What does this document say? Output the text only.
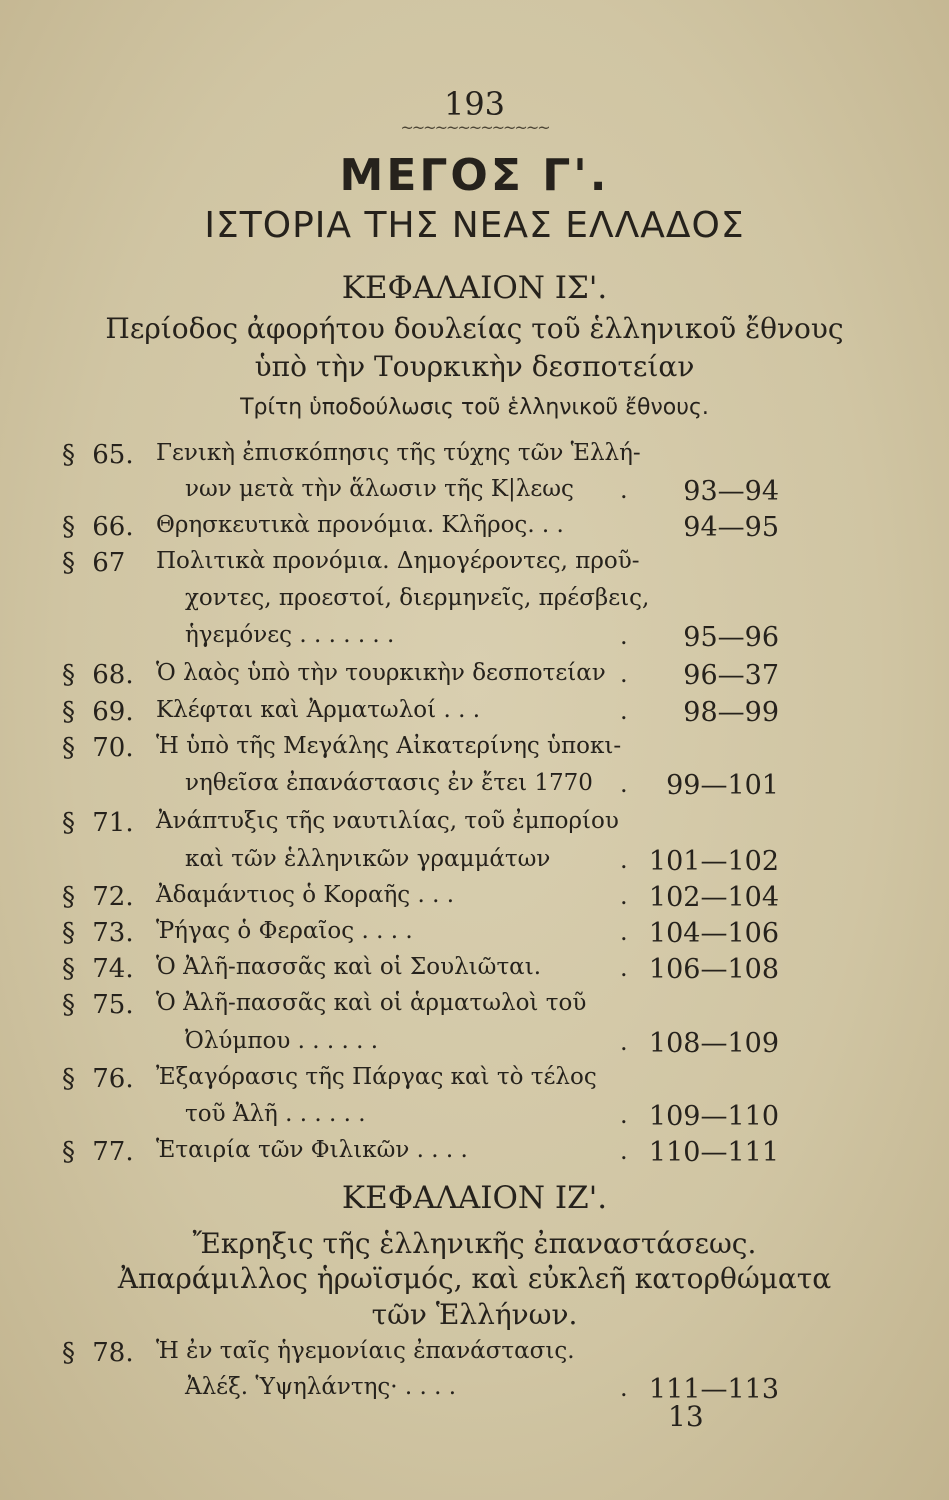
193
~~~~~~~~~~~~~
ΜΕΓΟΣ Γ'.
ΙΣΤΟΡΙΑ ΤΗΣ ΝΕΑΣ ΕΛΛΑΔΟΣ
ΚΕΦΑΛΑΙΟΝ ΙΣ'.
Περίοδος ἀφορήτου δουλείας τοῦ ἑλληνικοῦ ἔθνους
ὑπὸ τὴν Τουρκικὴν δεσποτείαν
Τρίτη ὑποδούλωσις τοῦ ἑλληνικοῦ ἔθνους.
§ 65. Γενικὴ ἐπισκόπησις τῆς τύχης τῶν Ἑλλή-
νων μετὰ τὴν ἅλωσιν τῆς Κ|λεως .	93—94
§ 66. Θρησκευτικὰ προνόμια. Κλῆρος. . .	94—95
§ 67 Πολιτικὰ προνόμια. Δημογέροντες, προῦ-
χοντες, προεστοί, διερμηνεῖς, πρέσβεις,
ἡγεμόνες . . . . . . .	.	95—96
§ 68. Ὁ λαὸς ὑπὸ τὴν τουρκικὴν δεσποτείαν .	96—37
§ 69. Κλέφται καὶ Ἀρματωλοί . . .	.	98—99
§ 70. Ἡ ὑπὸ τῆς Μεγάλης Αἰκατερίνης ὑποκι-
νηθεῖσα ἐπανάστασις ἐν ἔτει 1770 .	99—101
§ 71. Ἀνάπτυξις τῆς ναυτιλίας, τοῦ ἐμπορίου
καὶ τῶν ἑλληνικῶν γραμμάτων	. 101—102
§ 72. Ἀδαμάντιος ὁ Κοραῆς . . .	. 102—104
§ 73. Ῥήγας ὁ Φεραῖος . . . .	. 104—106
§ 74. Ὁ Ἀλῆ-πασσᾶς καὶ οἱ Σουλιῶται.	. 106—108
§ 75. Ὁ Ἀλῆ-πασσᾶς καὶ οἱ ἁρματωλοὶ τοῦ
Ὀλύμπου . . . . . .	. 108—109
§ 76. Ἐξαγόρασις τῆς Πάργας καὶ τὸ τέλος
τοῦ Ἀλῆ . . . . . .	. 109—110
§ 77. Ἑταιρία τῶν Φιλικῶν . . . .	. 110—111
ΚΕΦΑΛΑΙΟΝ ΙΖ'.
Ἔκρηξις τῆς ἑλληνικῆς ἐπαναστάσεως.
Ἀπαράμιλλος ἡρωϊσμός, καὶ εὐκλεῆ κατορθώματα
τῶν Ἑλλήνων.
§ 78. Ἡ ἐν ταῖς ἡγεμονίαις ἐπανάστασις.
Ἀλέξ. Ὑψηλάντης· . . . .	. 111—113
13
